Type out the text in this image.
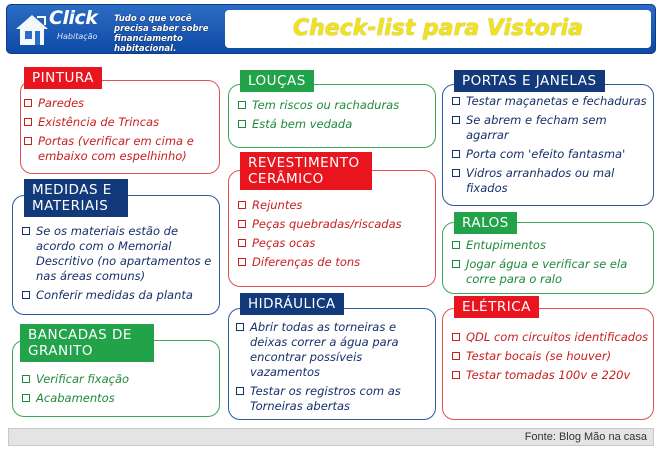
Click
Habitação
Tudo o que você precisa saber sobre financiamento habitacional.
Check-list para Vistoria
PINTURA
Paredes
Existência de Trincas
Portas (verificar em cima e embaixo com espelhinho)
MEDIDAS E MATERIAIS
Se os materiais estão de acordo com o Memorial Descritivo (no apartamentos e nas áreas comuns)
Conferir medidas da planta
BANCADAS DE GRANITO
Verificar fixação
Acabamentos
LOUÇAS
Tem riscos ou rachaduras
Está bem vedada
REVESTIMENTO CERÂMICO
Rejuntes
Peças quebradas/riscadas
Peças ocas
Diferenças de tons
HIDRÁULICA
Abrir todas as torneiras e deixas correr a água para encontrar possíveis vazamentos
Testar os registros com as Torneiras abertas
PORTAS E JANELAS
Testar maçanetas e fechaduras
Se abrem e fecham sem agarrar
Porta com 'efeito fantasma'
Vidros arranhados ou mal fixados
RALOS
Entupimentos
Jogar água e verificar se ela corre para o ralo
ELÉTRICA
QDL com circuitos identificados
Testar bocais (se houver)
Testar tomadas 100v e 220v
Fonte: Blog Mão na casa
